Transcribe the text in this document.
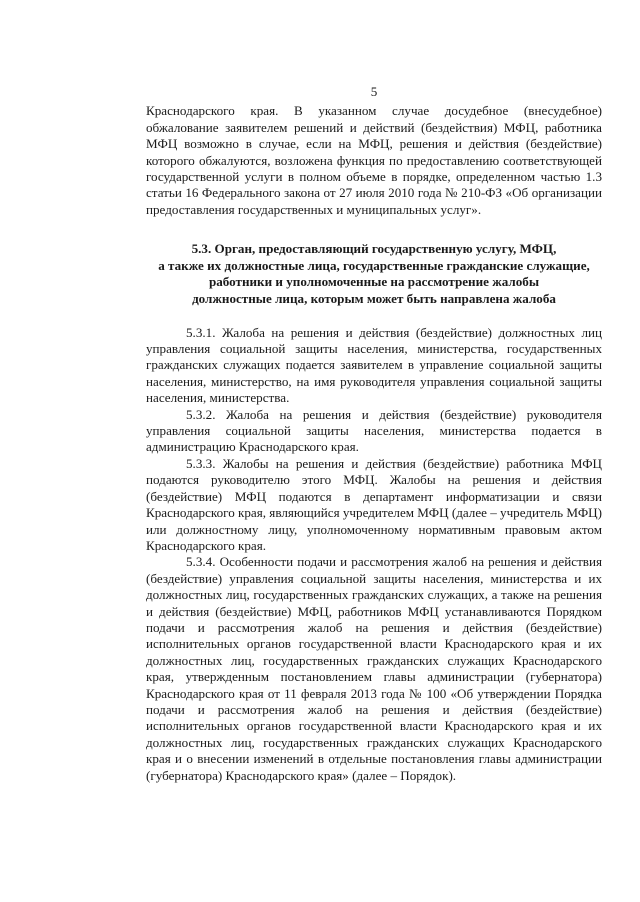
5

Краснодарского края. В указанном случае досудебное (внесудебное) обжалование заявителем решений и действий (бездействия) МФЦ, работника МФЦ возможно в случае, если на МФЦ, решения и действия (бездействие) которого обжалуются, возложена функция по предоставлению соответствующей государственной услуги в полном объеме в порядке, определенном частью 1.3 статьи 16 Федерального закона от 27 июля 2010 года № 210-ФЗ «Об организации предоставления государственных и муниципальных услуг».

5.3. Орган, предоставляющий государственную услугу, МФЦ,
а также их должностные лица, государственные гражданские служащие,
работники и уполномоченные на рассмотрение жалобы
должностные лица, которым может быть направлена жалоба

5.3.1. Жалоба на решения и действия (бездействие) должностных лиц управления социальной защиты населения, министерства, государственных гражданских служащих подается заявителем в управление социальной защиты населения, министерство, на имя руководителя управления социальной защиты населения, министерства.

5.3.2. Жалоба на решения и действия (бездействие) руководителя управления социальной защиты населения, министерства подается в администрацию Краснодарского края.

5.3.3. Жалобы на решения и действия (бездействие) работника МФЦ подаются руководителю этого МФЦ. Жалобы на решения и действия (бездействие) МФЦ подаются в департамент информатизации и связи Краснодарского края, являющийся учредителем МФЦ (далее – учредитель МФЦ) или должностному лицу, уполномоченному нормативным правовым актом Краснодарского края.

5.3.4. Особенности подачи и рассмотрения жалоб на решения и действия (бездействие) управления социальной защиты населения, министерства и их должностных лиц, государственных гражданских служащих, а также на решения и действия (бездействие) МФЦ, работников МФЦ устанавливаются Порядком подачи и рассмотрения жалоб на решения и действия (бездействие) исполнительных органов государственной власти Краснодарского края и их должностных лиц, государственных гражданских служащих Краснодарского края, утвержденным постановлением главы администрации (губернатора) Краснодарского края от 11 февраля 2013 года № 100 «Об утверждении Порядка подачи и рассмотрения жалоб на решения и действия (бездействие) исполнительных органов государственной власти Краснодарского края и их должностных лиц, государственных гражданских служащих Краснодарского края и о внесении изменений в отдельные постановления главы администрации (губернатора) Краснодарского края» (далее – Порядок).
